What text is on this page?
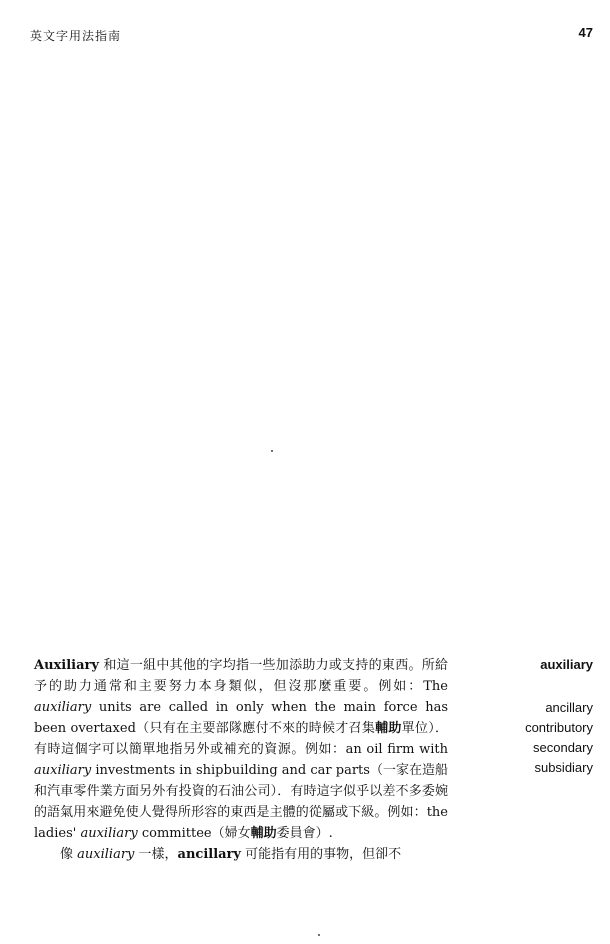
英文字用法指南	47

Auxiliary 和這一組中其他的字均指一些加添助力或支持的東西。所給予的助力通常和主要努力本身類似，但沒那麼重要。例如：The auxiliary units are called in only when the main force has been overtaxed（只有在主要部隊應付不來的時候才召集輔助單位）．有時這個字可以簡單地指另外或補充的資源。例如：an oil firm with auxiliary investments in shipbuilding and car parts（一家在造船和汽車零件業方面另外有投資的石油公司）．有時這字似乎以差不多委婉的語氣用來避免使人覺得所形容的東西是主體的從屬或下級。例如：the ladies' auxiliary committee（婦女輔助委員會）.

像 auxiliary 一樣，ancillary 可能指有用的事物，但卻不

auxiliary
ancillary
contributory
secondary
subsidiary
